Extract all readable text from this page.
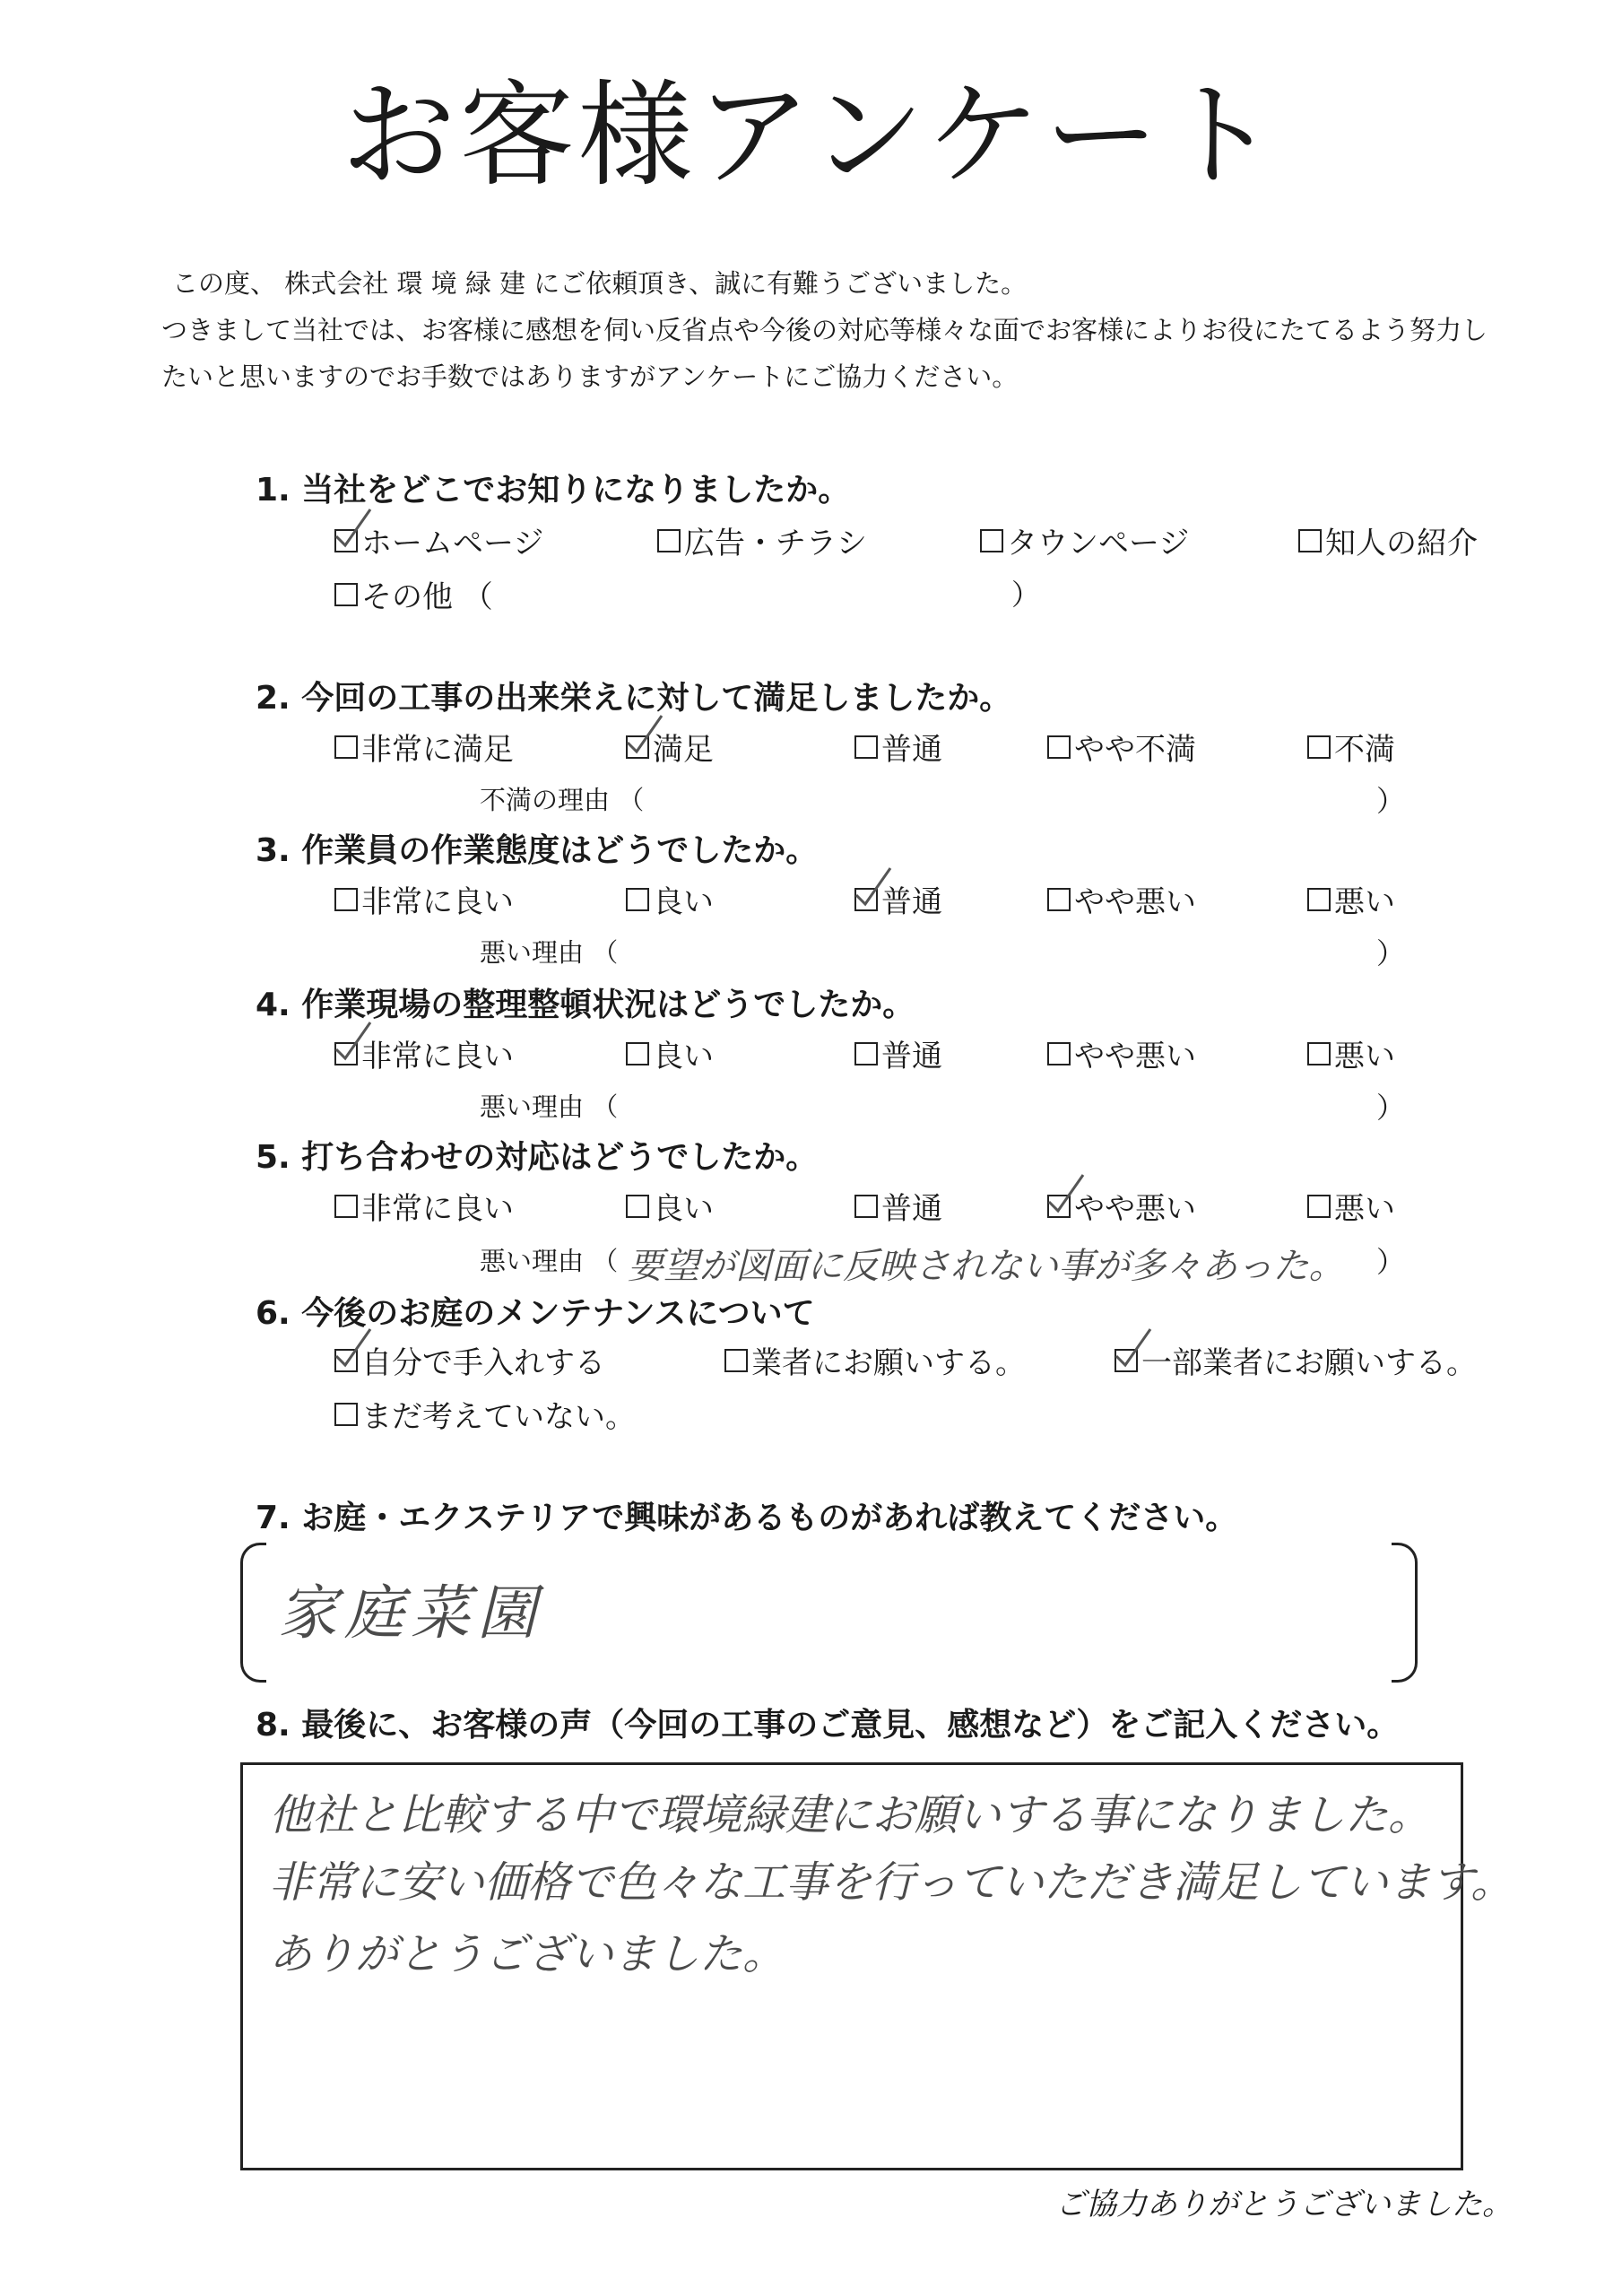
お客様アンケート

この度、 株式会社 環 境 緑 建 にご依頼頂き、誠に有難うございました。

つきまして当社では、お客様に感想を伺い反省点や今後の対応等様々な面でお客様によりお役にたてるよう努力し

たいと思いますのでお手数ではありますがアンケートにご協力ください。

1. 当社をどこでお知りになりましたか。
ホームページ	広告・チラシ	タウンページ	知人の紹介
その他 （	）
2. 今回の工事の出来栄えに対して満足しましたか。
非常に満足	満足	普通	やや不満	不満
不満の理由 （	）
3. 作業員の作業態度はどうでしたか。
非常に良い	良い	普通	やや悪い	悪い
悪い理由 （	）
4. 作業現場の整理整頓状況はどうでしたか。
非常に良い	良い	普通	やや悪い	悪い
悪い理由 （	）
5. 打ち合わせの対応はどうでしたか。
非常に良い	良い	普通	やや悪い	悪い
悪い理由 （ 要望が図面に反映されない事が多々あった。 ）
6. 今後のお庭のメンテナンスについて
自分で手入れする	業者にお願いする。	一部業者にお願いする。
まだ考えていない。
7. お庭・エクステリアで興味があるものがあれば教えてください。
家庭菜園
8. 最後に、お客様の声（今回の工事のご意見、感想など）をご記入ください。
他社と比較する中で環境緑建にお願いする事になりました。
非常に安い価格で色々な工事を行っていただき満足しています。
ありがとうございました。
ご協力ありがとうございました。
